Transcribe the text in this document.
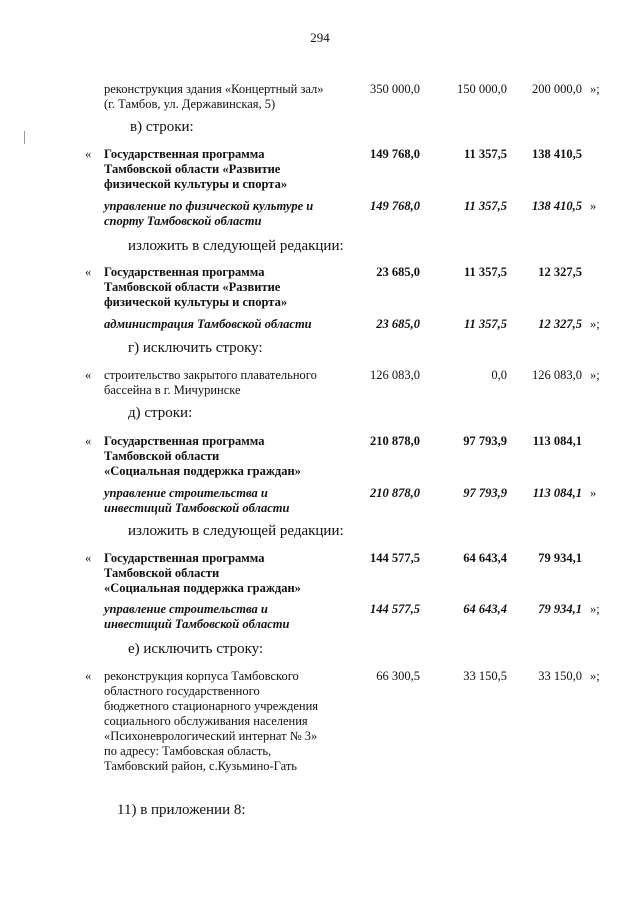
294
реконструкция здания «Концертный зал»
(г. Тамбов, ул. Державинская, 5)
350 000,0	150 000,0	200 000,0 »;
в) строки:
« Государственная программа
Тамбовской области «Развитие
физической культуры и спорта»
149 768,0	11 357,5	138 410,5
управление по физической культуре и
спорту Тамбовской области
149 768,0	11 357,5	138 410,5 »
изложить в следующей редакции:
« Государственная программа
Тамбовской области «Развитие
физической культуры и спорта»
23 685,0	11 357,5	12 327,5
администрация Тамбовской области	23 685,0	11 357,5	12 327,5 »;
г) исключить строку:
« строительство закрытого плавательного
бассейна в г. Мичуринске
126 083,0	0,0	126 083,0 »;
д) строки:
« Государственная программа
Тамбовской области
«Социальная поддержка граждан»
210 878,0	97 793,9	113 084,1
управление строительства и
инвестиций Тамбовской области
210 878,0	97 793,9	113 084,1 »
изложить в следующей редакции:
« Государственная программа
Тамбовской области
«Социальная поддержка граждан»
144 577,5	64 643,4	79 934,1
управление строительства и
инвестиций Тамбовской области
144 577,5	64 643,4	79 934,1 »;
е) исключить строку:
« реконструкция корпуса Тамбовского
областного государственного
бюджетного стационарного учреждения
социального обслуживания населения
«Психоневрологический интернат № 3»
по адресу: Тамбовская область,
Тамбовский район, с.Кузьмино-Гать
66 300,5	33 150,5	33 150,0 »;
11) в приложении 8:
